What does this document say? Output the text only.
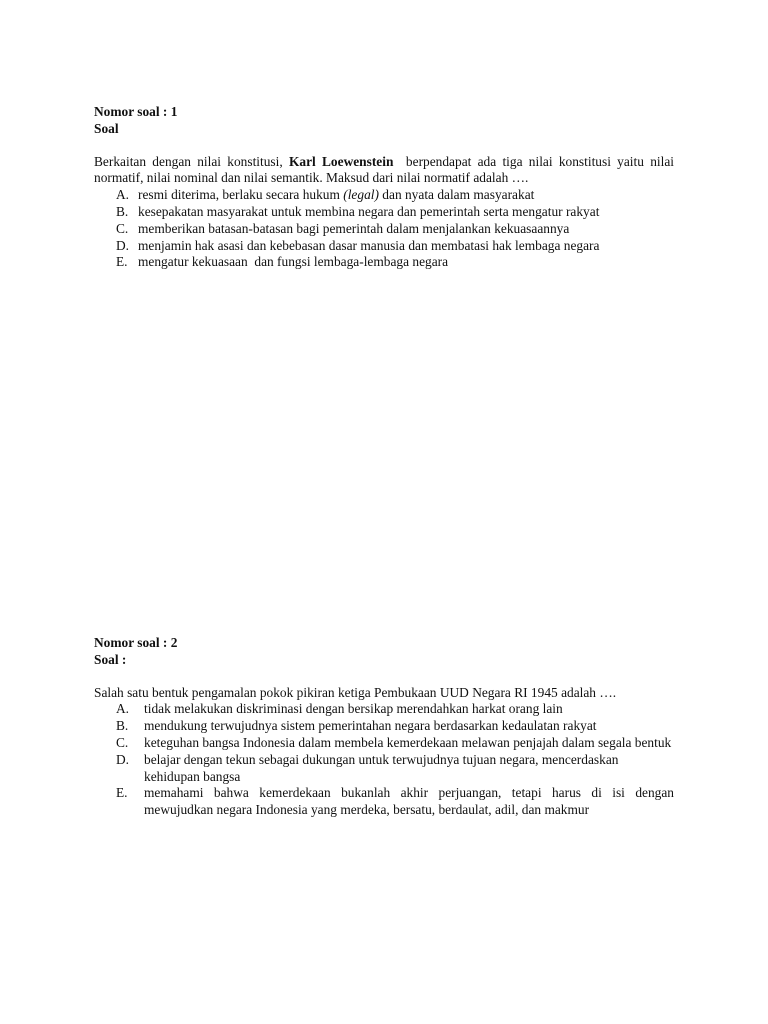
Nomor soal : 1

Soal

Berkaitan dengan nilai konstitusi, Karl Loewenstein  berpendapat ada tiga nilai konstitusi yaitu nilai normatif, nilai nominal dan nilai semantik. Maksud dari nilai normatif adalah ….

A. resmi diterima, berlaku secara hukum (legal) dan nyata dalam masyarakat
B. kesepakatan masyarakat untuk membina negara dan pemerintah serta mengatur rakyat
C. memberikan batasan-batasan bagi pemerintah dalam menjalankan kekuasaannya
D. menjamin hak asasi dan kebebasan dasar manusia dan membatasi hak lembaga negara
E. mengatur kekuasaan  dan fungsi lembaga-lembaga negara

Nomor soal : 2

Soal :

Salah satu bentuk pengamalan pokok pikiran ketiga Pembukaan UUD Negara RI 1945 adalah ….

A.	tidak melakukan diskriminasi dengan bersikap merendahkan harkat orang lain
B.	mendukung terwujudnya sistem pemerintahan negara berdasarkan kedaulatan rakyat
C.	keteguhan bangsa Indonesia dalam membela kemerdekaan melawan penjajah dalam segala bentuk
D.	belajar dengan tekun sebagai dukungan untuk terwujudnya tujuan negara, mencerdaskan kehidupan bangsa
E.	memahami bahwa kemerdekaan bukanlah akhir perjuangan, tetapi harus di isi dengan mewujudkan negara Indonesia yang merdeka, bersatu, berdaulat, adil, dan makmur
